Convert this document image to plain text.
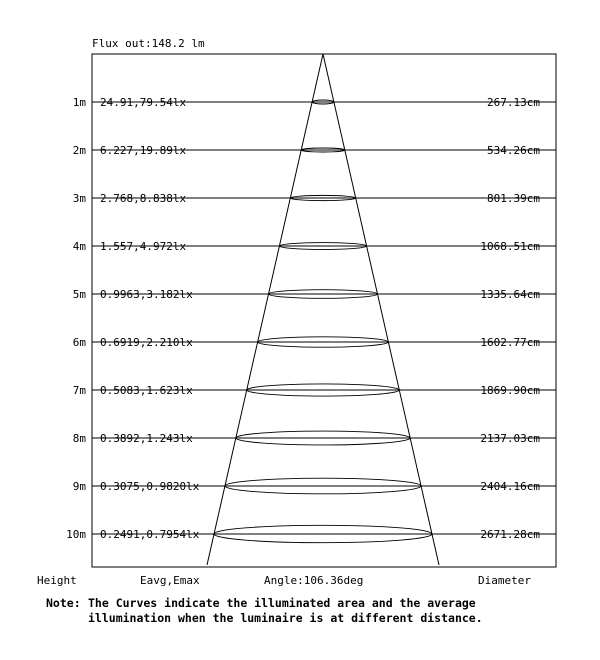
Flux out:148.2 lm
1m 24.91,79.54lx	267.13cm
2m 6.227,19.89lx	534.26cm
3m 2.768,8.838lx	801.39cm
4m 1.557,4.972lx	1068.51cm
5m 0.9963,3.182lx	1335.64cm
6m 0.6919,2.210lx	1602.77cm
7m 0.5083,1.623lx	1869.90cm
8m 0.3892,1.243lx	2137.03cm
9m 0.3075,0.9820lx	2404.16cm
10m 0.2491,0.7954lx	2671.28cm
Height	Eavg,Emax	Angle:106.36deg	Diameter
Note: The Curves indicate the illuminated area and the average
illumination when the luminaire is at different distance.
